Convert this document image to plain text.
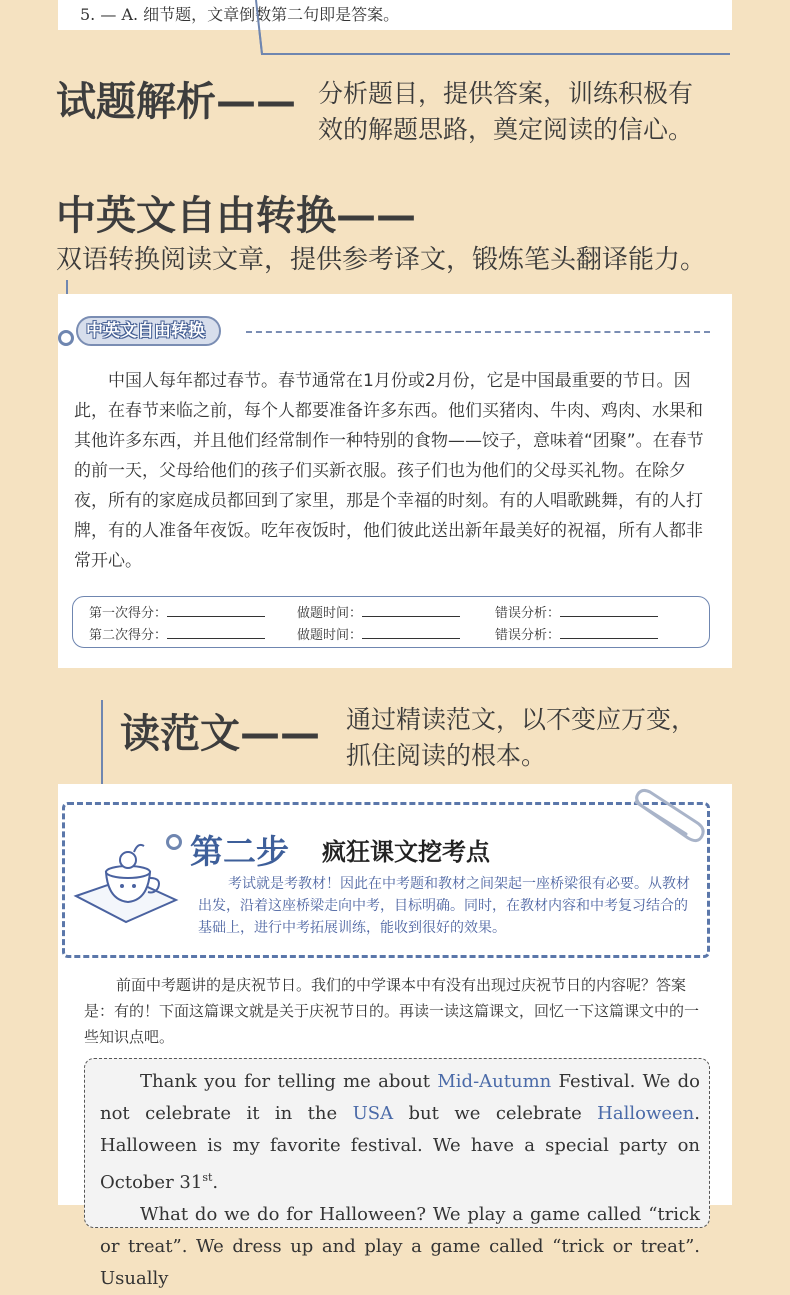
5. — A. 细节题，文章倒数第二句即是答案。
试题解析—— 分析题目，提供答案，训练积极有
效的解题思路，奠定阅读的信心。
中英文自由转换——
双语转换阅读文章，提供参考译文，锻炼笔头翻译能力。
中英文自由转换
中国人每年都过春节。春节通常在1月份或2月份，它是中国最重要的节日。因此，在春节来临之前，每个人都要准备许多东西。他们买猪肉、牛肉、鸡肉、水果和其他许多东西，并且他们经常制作一种特别的食物——饺子，意味着“团聚”。在春节的前一天，父母给他们的孩子们买新衣服。孩子们也为他们的父母买礼物。在除夕夜，所有的家庭成员都回到了家里，那是个幸福的时刻。有的人唱歌跳舞，有的人打牌，有的人准备年夜饭。吃年夜饭时，他们彼此送出新年最美好的祝福，所有人都非常开心。
第一次得分：	做题时间：	错误分析：
第二次得分：	做题时间：	错误分析：
读范文—— 通过精读范文，以不变应万变，
抓住阅读的根本。
第二步 疯狂课文挖考点
考试就是考教材！因此在中考题和教材之间架起一座桥梁很有必要。从教材出发，沿着这座桥梁走向中考，目标明确。同时，在教材内容和中考复习结合的基础上，进行中考拓展训练，能收到很好的效果。
前面中考题讲的是庆祝节日。我们的中学课本中有没有出现过庆祝节日的内容呢？答案是：有的！下面这篇课文就是关于庆祝节日的。再读一读这篇课文，回忆一下这篇课文中的一些知识点吧。

Thank you for telling me about Mid-Autumn Festival. We do not celebrate it in the USA but we celebrate Halloween. Halloween is my favorite festival. We have a special party on October 31st.

What do we do for Halloween? We play a game called “trick or treat”. We dress up and play a game called “trick or treat”. Usually
